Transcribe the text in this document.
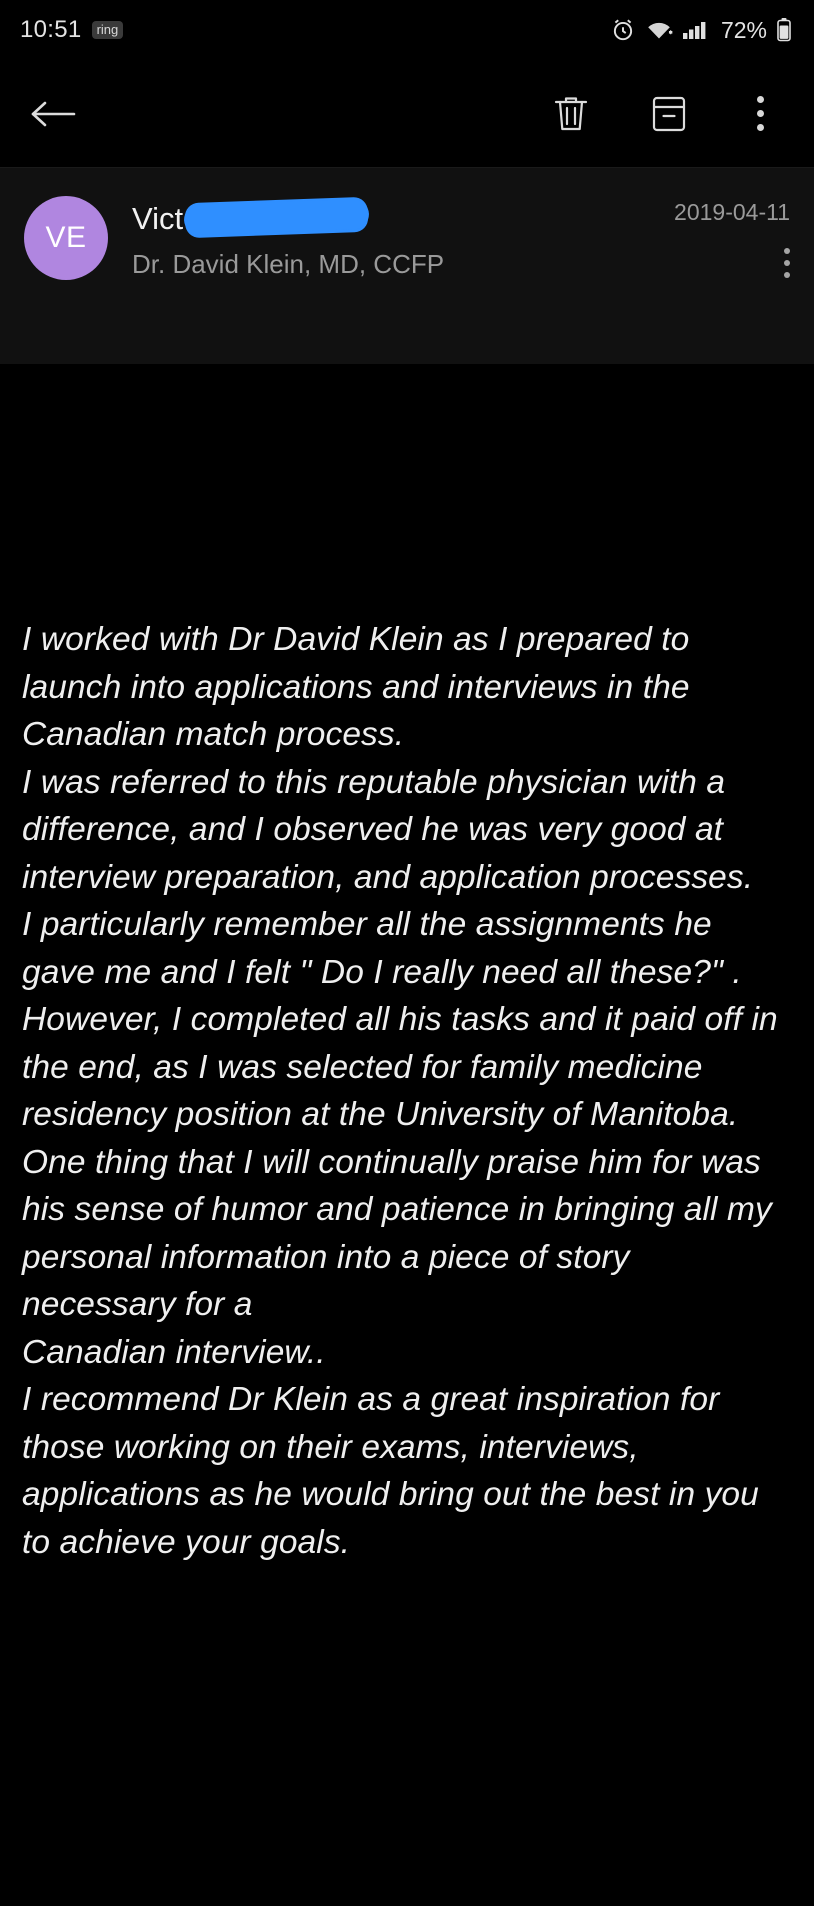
10:51	ring	72%
2019-04-11
VE
Vict
Dr. David Klein, MD, CCFP

I worked with Dr David Klein as I prepared to launch into applications and interviews in the Canadian match process.

I was referred to this reputable physician with a difference, and I observed he was very good at interview preparation, and application processes.

I particularly remember all the assignments he gave me and I felt " Do I really need all these?" . However, I completed all his tasks and it paid off in the end, as I was selected for family medicine residency position at the University of Manitoba.

One thing that I will continually praise him for was his sense of humor and patience in bringing all my personal information into a piece of story necessary for a

Canadian interview..

I recommend Dr Klein as a great inspiration for those working on their exams, interviews, applications as he would bring out the best in you to achieve your goals.
